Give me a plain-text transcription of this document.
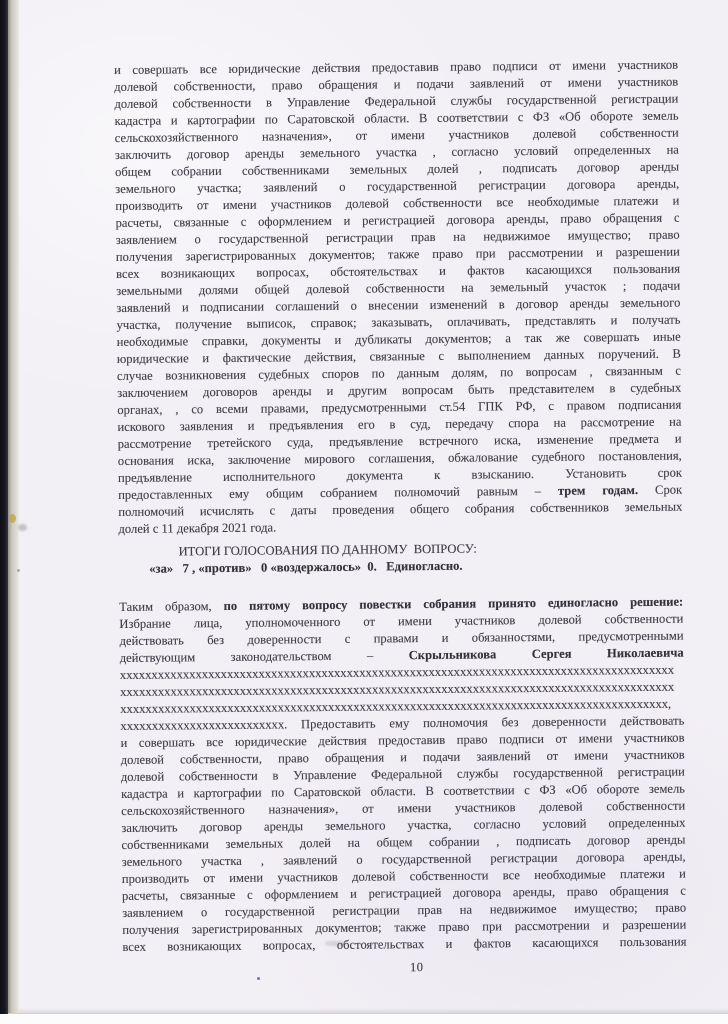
и совершать все юридические действия предоставив право подписи от имени участников
долевой собственности, право обращения и подачи заявлений от имени участников
долевой собственности в Управление Федеральной службы государственной регистрации
кадастра и картографии по Саратовской области. В соответствии с ФЗ «Об обороте земель
сельскохозяйственного назначения», от имени участников долевой собственности
заключить договор аренды земельного участка , согласно условий определенных на
общем собрании собственниками земельных долей , подписать договор аренды
земельного участка; заявлений о государственной регистрации договора аренды,
производить от имени участников долевой собственности все необходимые платежи и
расчеты, связанные с оформлением и регистрацией договора аренды, право обращения с
заявлением о государственной регистрации прав на недвижимое имущество; право
получения зарегистрированных документов; также право при рассмотрении и разрешении
всех возникающих вопросах, обстоятельствах и фактов касающихся пользования
земельными долями общей долевой собственности на земельный участок ; подачи
заявлений и подписании соглашений о внесении изменений в договор аренды земельного
участка, получение выписок, справок; заказывать, оплачивать, представлять и получать
необходимые справки, документы и дубликаты документов; а так же совершать иные
юридические и фактические действия, связанные с выполнением данных поручений. В
случае возникновения судебных споров по данным долям, по вопросам , связанным с
заключением договоров аренды и другим вопросам быть представителем в судебных
органах, , со всеми правами, предусмотренными ст.54 ГПК РФ, с правом подписания
искового заявления и предъявления его в суд, передачу спора на рассмотрение на
рассмотрение третейского суда, предъявление встречного иска, изменение предмета и
основания иска, заключение мирового соглашения, обжалование судебного постановления,
предъявление исполнительного документа к взысканию. Установить срок
предоставленных ему общим собранием полномочий равным – трем годам. Срок
полномочий исчислять с даты проведения общего собрания собственников земельных
долей с 11 декабря 2021 года.
ИТОГИ ГОЛОСОВАНИЯ ПО ДАННОМУ  ВОПРОСУ:
«за»   7 , «против»   0 «воздержалось»  0.   Единогласно.
Таким образом, по пятому вопросу повестки собрания принято единогласно решение:
Избрание лица, уполномоченного от имени участников долевой собственности
действовать без доверенности с правами и обязанностями, предусмотренными
действующим законодательством – Скрыльникова Сергея Николаевича
xxxxxxxxxxxxxxxxxxxxxxxxxxxxxxxxxxxxxxxxxxxxxxxxxxxxxxxxxxxxxxxxxxxxxxxxxxxxxxxxxxxxxxxx
xxxxxxxxxxxxxxxxxxxxxxxxxxxxxxxxxxxxxxxxxxxxxxxxxxxxxxxxxxxxxxxxxxxxxxxxxxxxxxxxxxxxxxxx
xxxxxxxxxxxxxxxxxxxxxxxxxxxxxxxxxxxxxxxxxxxxxxxxxxxxxxxxxxxxxxxxxxxxxxxxxxxxxxxxxxxxxxx,
xxxxxxxxxxxxxxxxxxxxxxxxxx. Предоставить ему полномочия без доверенности действовать
и совершать все юридические действия предоставив право подписи от имени участников
долевой собственности, право обращения и подачи заявлений от имени участников
долевой собственности в Управление Федеральной службы государственной регистрации
кадастра и картографии по Саратовской области. В соответствии с ФЗ «Об обороте земель
сельскохозяйственного назначения», от имени участников долевой собственности
заключить договор аренды земельного участка, согласно условий определенных
собственниками земельных долей на общем собрании , подписать договор аренды
земельного участка , заявлений о государственной регистрации договора аренды,
производить от имени участников долевой собственности все необходимые платежи и
расчеты, связанные с оформлением и регистрацией договора аренды, право обращения с
заявлением о государственной регистрации прав на недвижимое имущество; право
получения зарегистрированных документов; также право при рассмотрении и разрешении
всех возникающих вопросах, обстоятельствах и фактов касающихся пользования
10
